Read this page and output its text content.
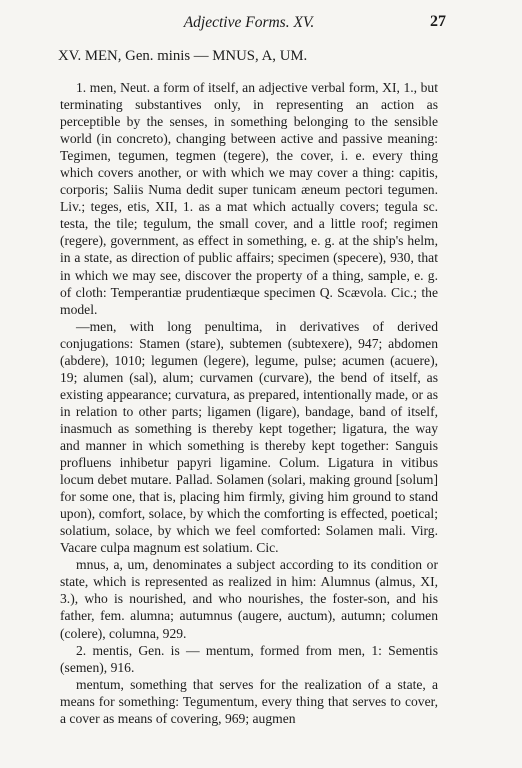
Adjective Forms. XV.	27

XV. MEN, Gen. minis — MNUS, A, UM.

1. men, Neut. a form of itself, an adjective verbal form, XI, 1., but terminating substantives only, in representing an action as perceptible by the senses, in something belonging to the sensible world (in concreto), changing between active and passive meaning: Tegimen, tegumen, tegmen (tegere), the cover, i. e. every thing which covers another, or with which we may cover a thing: capitis, corporis; Saliis Numa dedit super tunicam æneum pectori tegumen. Liv.; teges, etis, XII, 1. as a mat which actually covers; tegula sc. testa, the tile; tegulum, the small cover, and a little roof; regimen (regere), government, as effect in something, e. g. at the ship's helm, in a state, as direction of public affairs; specimen (specere), 930, that in which we may see, discover the property of a thing, sample, e. g. of cloth: Temperantiæ prudentiæque specimen Q. Scævola. Cic.; the model.

—men, with long penultima, in derivatives of derived conjugations: Stamen (stare), subtemen (subtexere), 947; abdomen (abdere), 1010; legumen (legere), legume, pulse; acumen (acuere), 19; alumen (sal), alum; curvamen (curvare), the bend of itself, as existing appearance; curvatura, as prepared, intentionally made, or as in relation to other parts; ligamen (ligare), bandage, band of itself, inasmuch as something is thereby kept together; ligatura, the way and manner in which something is thereby kept together: Sanguis profluens inhibetur papyri ligamine. Colum. Ligatura in vitibus locum debet mutare. Pallad. Solamen (solari, making ground [solum] for some one, that is, placing him firmly, giving him ground to stand upon), comfort, solace, by which the comforting is effected, poetical; solatium, solace, by which we feel comforted: Solamen mali. Virg. Vacare culpa magnum est solatium. Cic.

mnus, a, um, denominates a subject according to its condition or state, which is represented as realized in him: Alumnus (almus, XI, 3.), who is nourished, and who nourishes, the foster-son, and his father, fem. alumna; autumnus (augere, auctum), autumn; columen (colere), columna, 929.

2. mentis, Gen. is — mentum, formed from men, 1: Sementis (semen), 916.

mentum, something that serves for the realization of a state, a means for something: Tegumentum, every thing that serves to cover, a cover as means of covering, 969; augmen
